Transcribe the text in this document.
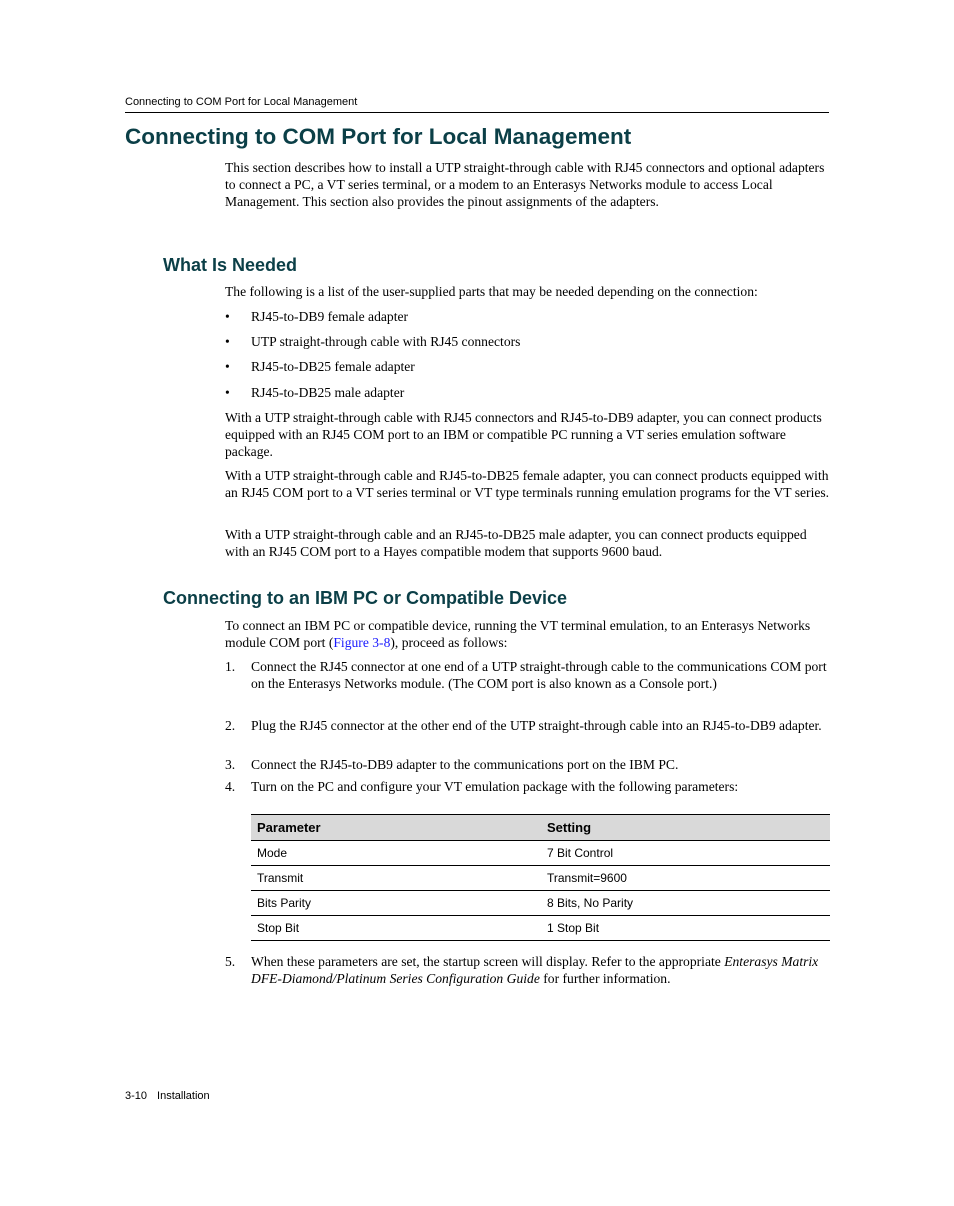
Connecting to COM Port for Local Management
Connecting to COM Port for Local Management

This section describes how to install a UTP straight-through cable with RJ45 connectors and optional adapters to connect a PC, a VT series terminal, or a modem to an Enterasys Networks module to access Local Management. This section also provides the pinout assignments of the adapters.

What Is Needed

The following is a list of the user-supplied parts that may be needed depending on the connection:

• RJ45-to-DB9 female adapter
• UTP straight-through cable with RJ45 connectors
• RJ45-to-DB25 female adapter
• RJ45-to-DB25 male adapter

With a UTP straight-through cable with RJ45 connectors and RJ45-to-DB9 adapter, you can connect products equipped with an RJ45 COM port to an IBM or compatible PC running a VT series emulation software package.

With a UTP straight-through cable and RJ45-to-DB25 female adapter, you can connect products equipped with an RJ45 COM port to a VT series terminal or VT type terminals running emulation programs for the VT series.

With a UTP straight-through cable and an RJ45-to-DB25 male adapter, you can connect products equipped with an RJ45 COM port to a Hayes compatible modem that supports 9600 baud.

Connecting to an IBM PC or Compatible Device

To connect an IBM PC or compatible device, running the VT terminal emulation, to an Enterasys Networks module COM port (Figure 3-8), proceed as follows:

1. Connect the RJ45 connector at one end of a UTP straight-through cable to the communications COM port on the Enterasys Networks module. (The COM port is also known as a Console port.)
2. Plug the RJ45 connector at the other end of the UTP straight-through cable into an RJ45-to-DB9 adapter.
3. Connect the RJ45-to-DB9 adapter to the communications port on the IBM PC.
4. Turn on the PC and configure your VT emulation package with the following parameters:
Parameter	Setting
Mode	7 Bit Control
Transmit	Transmit=9600
Bits Parity	8 Bits, No Parity
Stop Bit	1 Stop Bit
5. When these parameters are set, the startup screen will display. Refer to the appropriate Enterasys Matrix DFE-Diamond/Platinum Series Configuration Guide for further information.
3-10 Installation
